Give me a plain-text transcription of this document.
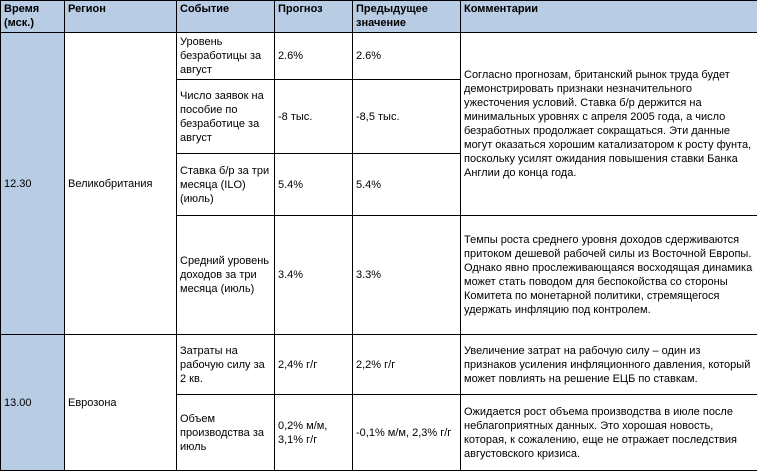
Время (мск.)	Регион	Событие	Прогноз	Предыдущее значение	Комментарии
12.30	Великобритания	Уровень безработицы за август	2.6%	2.6%	Согласно прогнозам, британский рынок труда будет демонстрировать признаки незначительного ужесточения условий. Ставка б/р держится на минимальных уровнях с апреля 2005 года, а число безработных продолжает сокращаться. Эти данные могут оказаться хорошим катализатором к росту фунта, поскольку усилят ожидания повышения ставки Банка Англии до конца года.
		Число заявок на пособие по безработице за август	-8 тыс.	-8,5 тыс.	
		Ставка б/р за три месяца (ILO) (июль)	5.4%	5.4%	
		Средний уровень доходов за три месяца (июль)	3.4%	3.3%	Темпы роста среднего уровня доходов сдерживаются притоком дешевой рабочей силы из Восточной Европы. Однако явно прослеживающаяся восходящая динамика может стать поводом для беспокойства со стороны Комитета по монетарной политики, стремящегося удержать инфляцию под контролем.
13.00	Еврозона	Затраты на рабочую силу за 2 кв.	2,4% г/г	2,2% г/г	Увеличение затрат на рабочую силу – один из признаков усиления инфляционного давления, который может повлиять на решение ЕЦБ по ставкам.
		Объем производства за июль	0,2% м/м, 3,1% г/г	-0,1% м/м, 2,3% г/г	Ожидается рост объема производства в июле после неблагоприятных данных. Это хорошая новость, которая, к сожалению, еще не отражает последствия августовского кризиса.
